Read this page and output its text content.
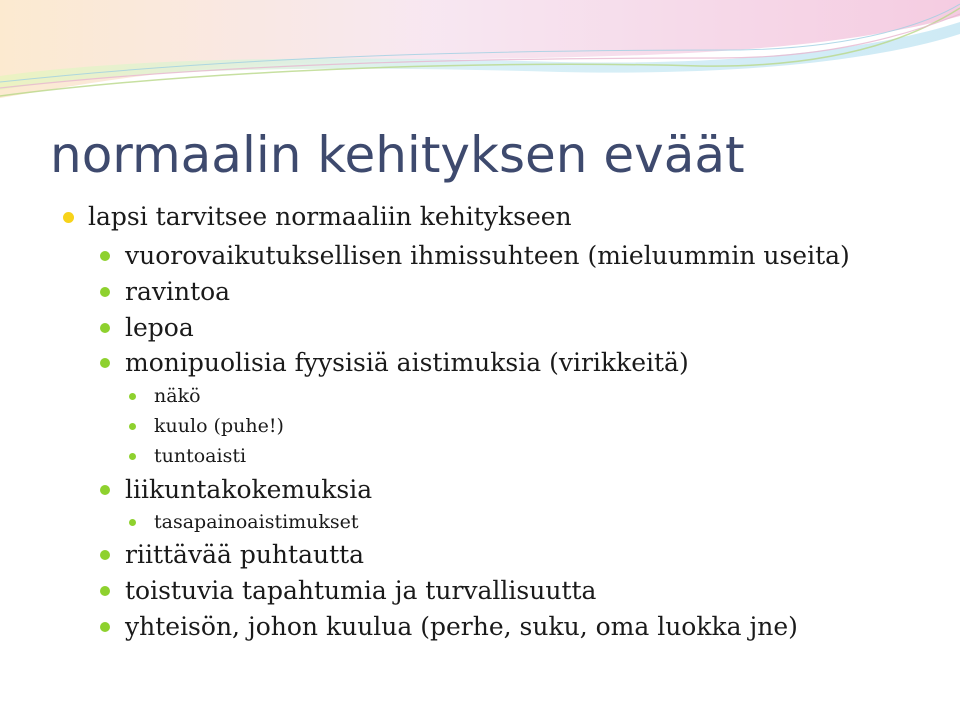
normaalin kehityksen eväät
lapsi tarvitsee normaaliin kehitykseen
vuorovaikutuksellisen ihmissuhteen (mieluummin useita)
ravintoa
lepoa
monipuolisia fyysisiä aistimuksia (virikkeitä)
näkö
kuulo (puhe!)
tuntoaisti
liikuntakokemuksia
tasapainoaistimukset
riittävää puhtautta
toistuvia tapahtumia ja turvallisuutta
yhteisön, johon kuulua (perhe, suku, oma luokka jne)
